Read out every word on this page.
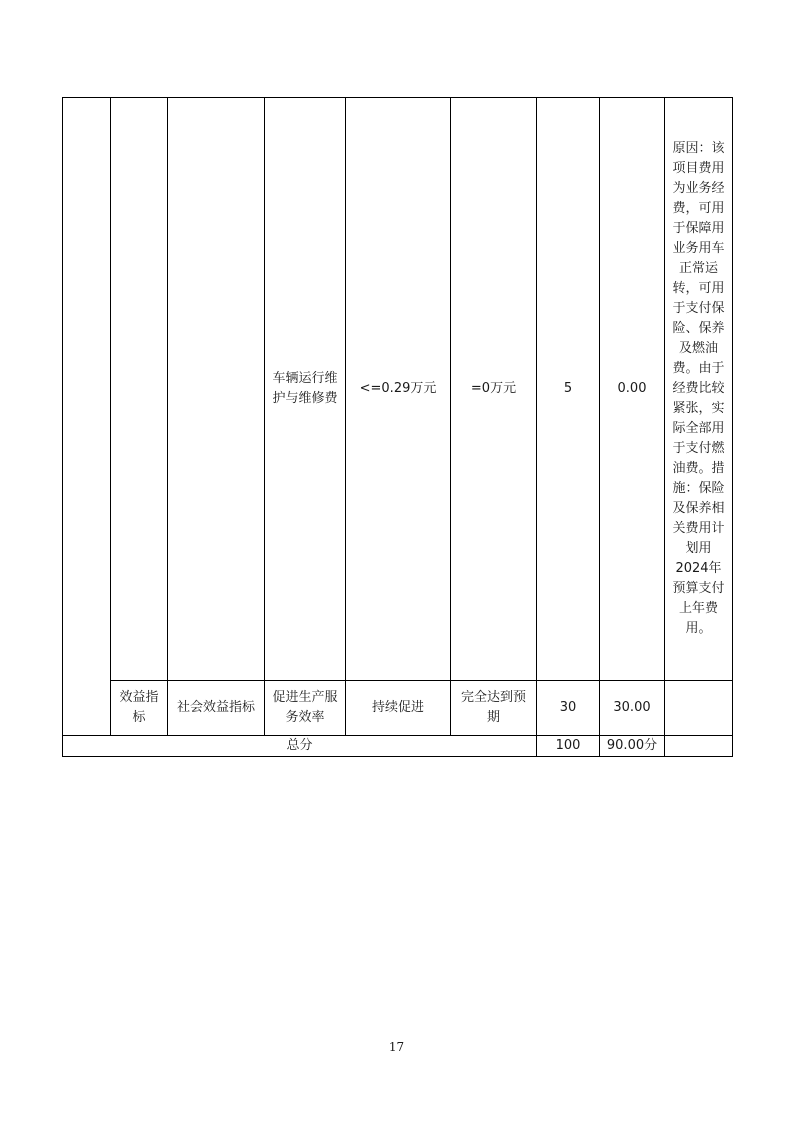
			车辆运行维护与维修费	<=0.29万元	=0万元	5	0.00	原因：该项目费用为业务经费，可用于保障用业务用车正常运转，可用于支付保险、保养及燃油费。由于经费比较紧张，实际全部用于支付燃油费。措施：保险及保养相关费用计划用2024年预算支付上年费用。
	效益指标	社会效益指标	促进生产服务效率	持续促进	完全达到预期	30	30.00	
总分						100	90.00分	
17
